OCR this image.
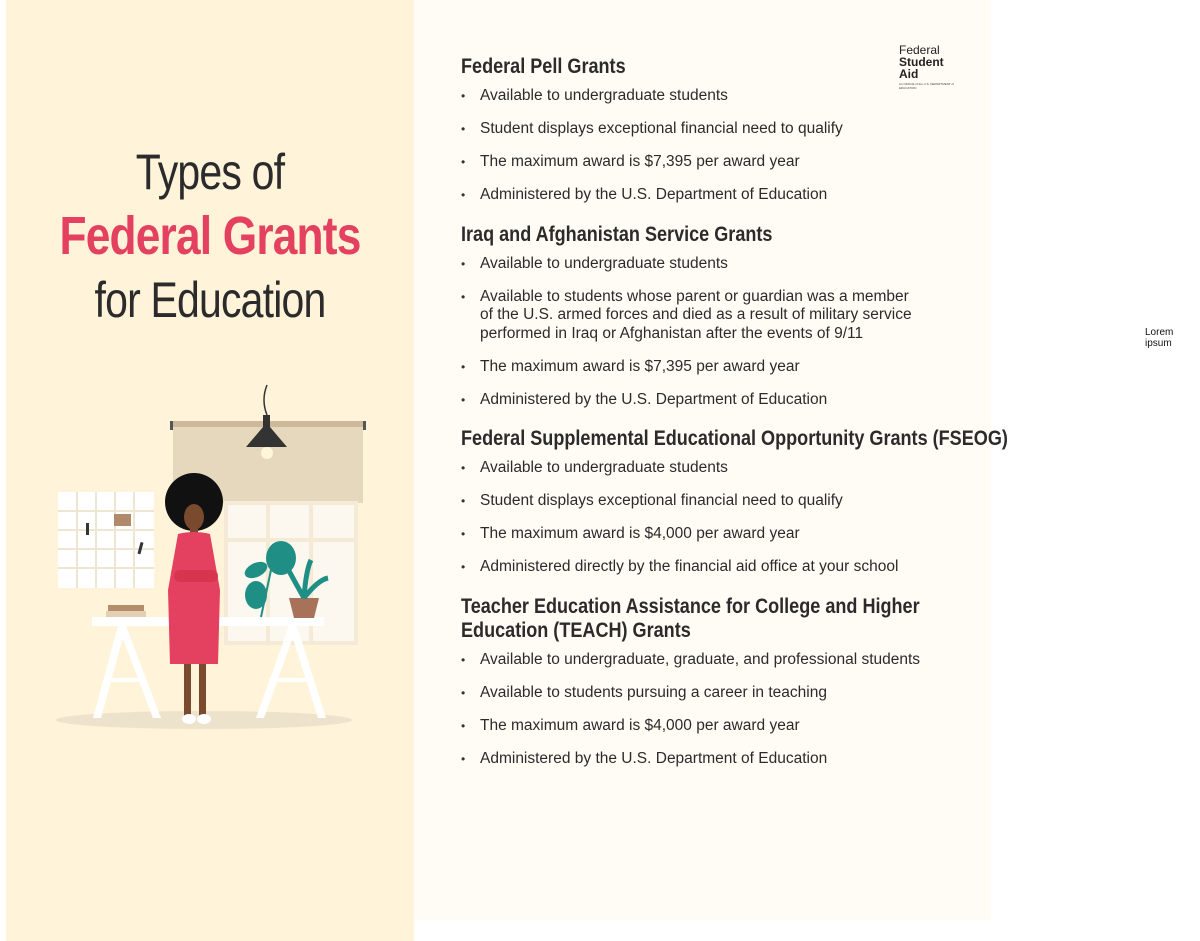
Types of
Federal Grants
for Education
Federal
Student
Aid
An OFFICE of the U.S. DEPARTMENT of EDUCATION
Federal Pell Grants
• Available to undergraduate students
• Student displays exceptional financial need to qualify
• The maximum award is $7,395 per award year
• Administered by the U.S. Department of Education
Iraq and Afghanistan Service Grants
• Available to undergraduate students
• Available to students whose parent or guardian was a member of the U.S. armed forces and died as a result of military service performed in Iraq or Afghanistan after the events of 9/11
• The maximum award is $7,395 per award year
• Administered by the U.S. Department of Education
Federal Supplemental Educational Opportunity Grants (FSEOG)
• Available to undergraduate students
• Student displays exceptional financial need to qualify
• The maximum award is $4,000 per award year
• Administered directly by the financial aid office at your school
Teacher Education Assistance for College and Higher Education (TEACH) Grants
• Available to undergraduate, graduate, and professional students
• Available to students pursuing a career in teaching
• The maximum award is $4,000 per award year
• Administered by the U.S. Department of Education
Lorem ipsum
